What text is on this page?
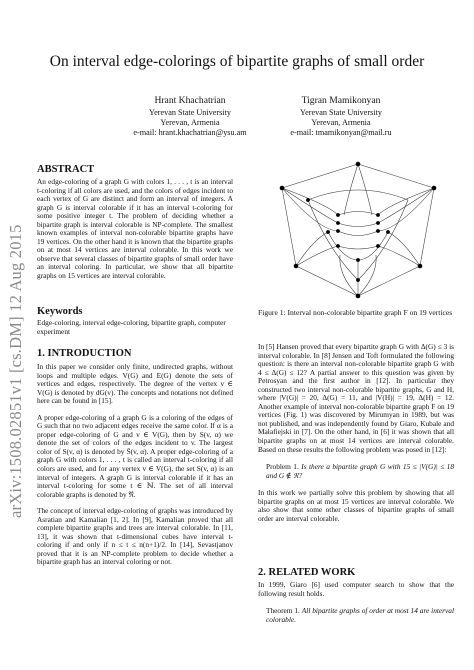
arXiv:1508.02851v1 [cs.DM] 12 Aug 2015
On interval edge-colorings of bipartite graphs of small order
Hrant Khachatrian
Yerevan State University
Yerevan, Armenia
e-mail: hrant.khachatrian@ysu.am
Tigran Mamikonyan
Yerevan State University
Yerevan, Armenia
e-mail: tmamikonyan@mail.ru
ABSTRACT

An edge-coloring of a graph G with colors 1, . . . , t is an interval t-coloring if all colors are used, and the colors of edges incident to each vertex of G are distinct and form an interval of integers. A graph G is interval colorable if it has an interval t-coloring for some positive integer t. The problem of deciding whether a bipartite graph is interval colorable is NP-complete. The smallest known examples of interval non-colorable bipartite graphs have 19 vertices. On the other hand it is known that the bipartite graphs on at most 14 vertices are interval colorable. In this work we observe that several classes of bipartite graphs of small order have an interval coloring. In particular, we show that all bipartite graphs on 15 vertices are interval colorable.

Keywords

Edge-coloring, interval edge-coloring, bipartite graph, computer experiment

1. INTRODUCTION

In this paper we consider only finite, undirected graphs, without loops and multiple edges. V(G) and E(G) denote the sets of vertices and edges, respectively. The degree of the vertex v ∈ V(G) is denoted by dG(v). The concepts and notations not defined here can be found in [15].

A proper edge-coloring of a graph G is a coloring of the edges of G such that no two adjacent edges receive the same color. If α is a proper edge-coloring of G and v ∈ V(G), then by S(v, α) we denote the set of colors of the edges incident to v. The largest color of S(v, α) is denoted by S̄(v, α). A proper edge-coloring of a graph G with colors 1, . . . , t is called an interval t-coloring if all colors are used, and for any vertex v ∈ V(G), the set S(v, α) is an interval of integers. A graph G is interval colorable if it has an interval t-coloring for some t ∈ ℕ. The set of all interval colorable graphs is denoted by 𝔑.

The concept of interval edge-coloring of graphs was introduced by Asratian and Kamalian [1, 2]. In [9], Kamalian proved that all complete bipartite graphs and trees are interval colorable. In [11, 13], it was shown that t-dimensional cubes have interval t-coloring if and only if n ≤ t ≤ n(n+1)/2. In [14], Sevastjanov proved that it is an NP-complete problem to decide whether a bipartite graph has an interval coloring or not.

Figure 1: Interval non-colorable bipartite graph F on 19 vertices

In [5] Hansen proved that every bipartite graph G with Δ(G) ≤ 3 is interval colorable. In [8] Jensen and Toft formulated the following question: is there an interval non-colorable bipartite graph G with 4 ≤ Δ(G) ≤ 12? A partial answer to this question was given by Petrosyan and the first author in [12]. In particular they constructed two interval non-colorable bipartite graphs, G and H, where |V(G)| = 20, Δ(G) = 11, and |V(H)| = 19, Δ(H) = 12. Another example of interval non-colorable bipartite graph F on 19 vertices (Fig. 1) was discovered by Mirumyan in 1989, but was not published, and was independently found by Giaro, Kubale and Małafiejski in [7]. On the other hand, in [6] it was shown that all bipartite graphs on at most 14 vertices are interval colorable. Based on these results the following problem was posed in [12]:

Problem 1. Is there a bipartite graph G with 15 ≤ |V(G)| ≤ 18 and G ∉ 𝔑?

In this work we partially solve this problem by showing that all bipartite graphs on at most 15 vertices are interval colorable. We also show that some other classes of bipartite graphs of small order are interval colorable.

2. RELATED WORK

In 1999, Giaro [6] used computer search to show that the following result holds.

Theorem 1. All bipartite graphs of order at most 14 are interval colorable.
